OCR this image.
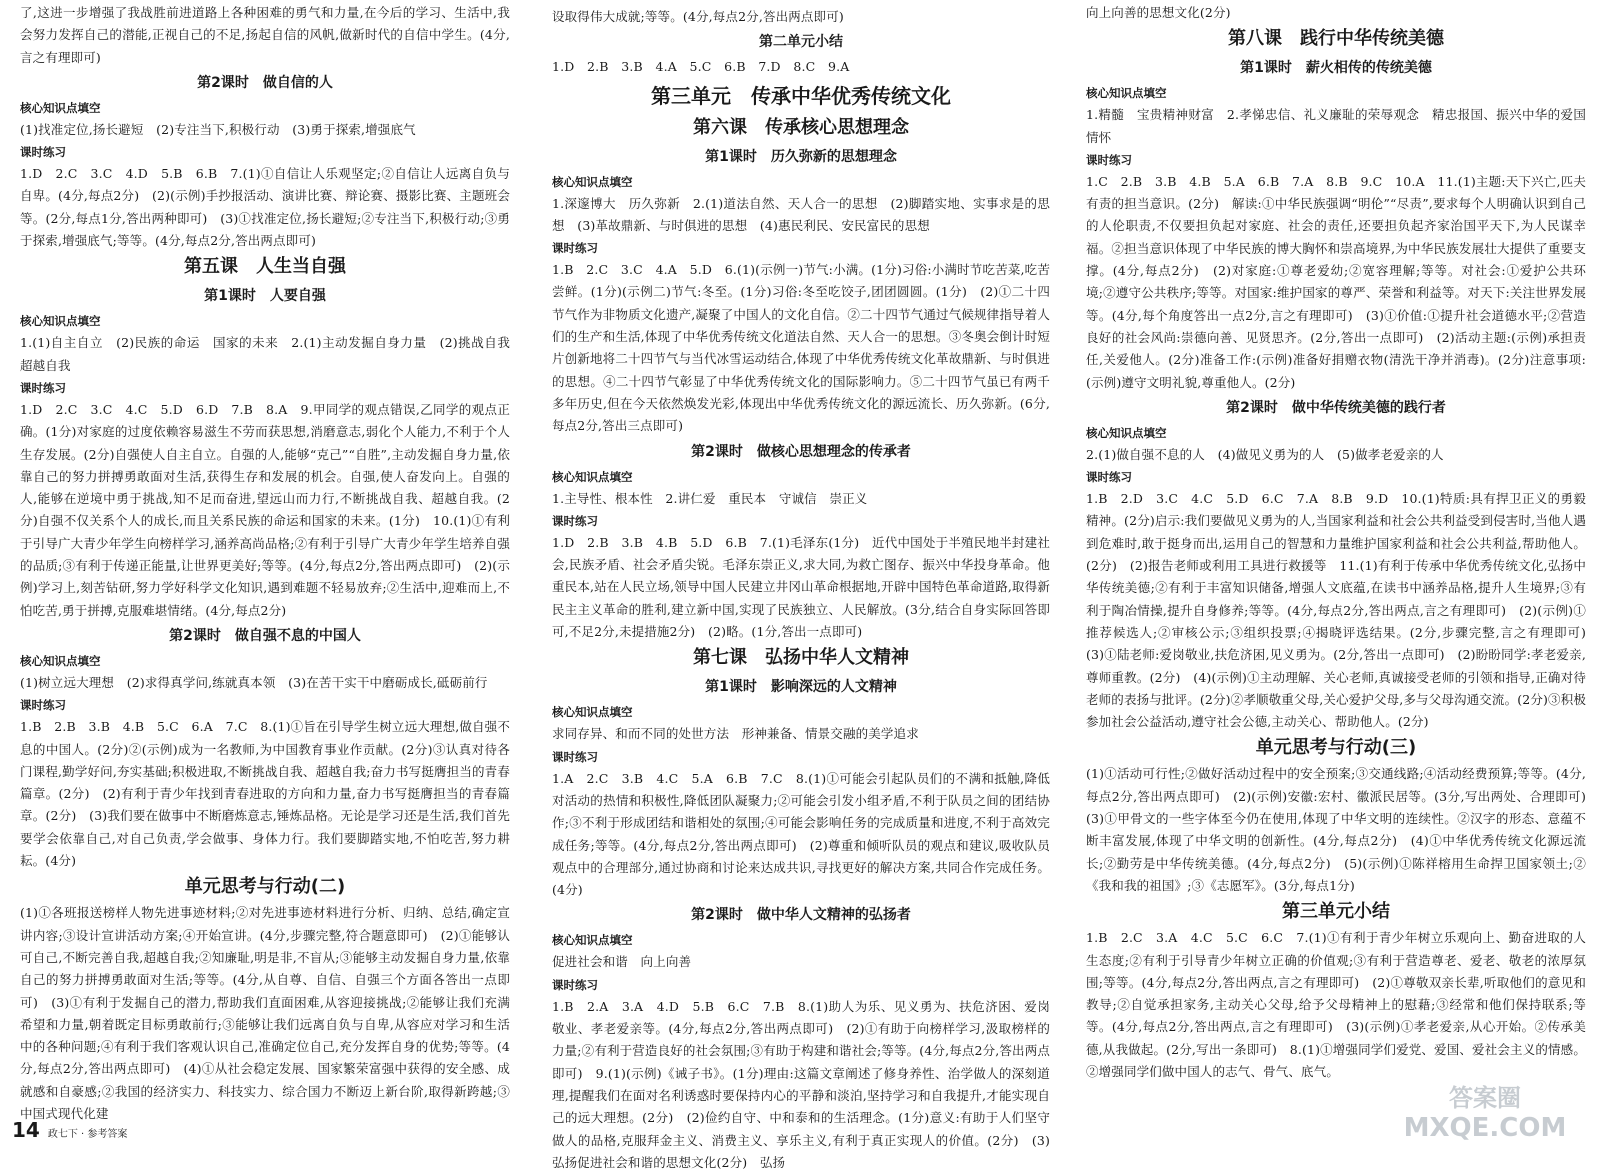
了,这进一步增强了我战胜前进道路上各种困难的勇气和力量,在今后的学习、生活中,我会努力发挥自己的潜能,正视自己的不足,扬起自信的风帆,做新时代的自信中学生。(4分,言之有理即可)

第2课时　做自信的人

核心知识点填空

(1)找准定位,扬长避短　(2)专注当下,积极行动　(3)勇于探索,增强底气

课时练习

1.D　2.C　3.C　4.D　5.B　6.B　7.(1)①自信让人乐观坚定;②自信让人远离自负与自卑。(4分,每点2分)　(2)(示例)手抄报活动、演讲比赛、辩论赛、摄影比赛、主题班会等。(2分,每点1分,答出两种即可)　(3)①找准定位,扬长避短;②专注当下,积极行动;③勇于探索,增强底气;等等。(4分,每点2分,答出两点即可)

第五课　人生当自强

第1课时　人要自强

核心知识点填空

1.(1)自主自立　(2)民族的命运　国家的未来　2.(1)主动发掘自身力量　(2)挑战自我　超越自我

课时练习

1.D　2.C　3.C　4.C　5.D　6.D　7.B　8.A　9.甲同学的观点错误,乙同学的观点正确。(1分)对家庭的过度依赖容易滋生不劳而获思想,消磨意志,弱化个人能力,不利于个人生存发展。(2分)自强使人自主自立。自强的人,能够“克己”“自胜”,主动发掘自身力量,依靠自己的努力拼搏勇敢面对生活,获得生存和发展的机会。自强,使人奋发向上。自强的人,能够在逆境中勇于挑战,知不足而奋进,望远山而力行,不断挑战自我、超越自我。(2分)自强不仅关系个人的成长,而且关系民族的命运和国家的未来。(1分)　10.(1)①有利于引导广大青少年学生向榜样学习,涵养高尚品格;②有利于引导广大青少年学生培养自强的品质;③有利于传递正能量,让世界更美好;等等。(4分,每点2分,答出两点即可)　(2)(示例)学习上,刻苦钻研,努力学好科学文化知识,遇到难题不轻易放弃;②生活中,迎难而上,不怕吃苦,勇于拼搏,克服难堪情绪。(4分,每点2分)

第2课时　做自强不息的中国人

核心知识点填空

(1)树立远大理想　(2)求得真学问,练就真本领　(3)在苦干实干中磨砺成长,砥砺前行

课时练习

1.B　2.B　3.B　4.B　5.C　6.A　7.C　8.(1)①旨在引导学生树立远大理想,做自强不息的中国人。(2分)②(示例)成为一名教师,为中国教育事业作贡献。(2分)③认真对待各门课程,勤学好问,夯实基础;积极进取,不断挑战自我、超越自我;奋力书写挺膺担当的青春篇章。(2分)　(2)有利于青少年找到青春进取的方向和力量,奋力书写挺膺担当的青春篇章。(2分)　(3)我们要在做事中不断磨炼意志,锤炼品格。无论是学习还是生活,我们首先要学会依靠自己,对自己负责,学会做事、身体力行。我们要脚踏实地,不怕吃苦,努力耕耘。(4分)

单元思考与行动(二)

(1)①各班报送榜样人物先进事迹材料;②对先进事迹材料进行分析、归纳、总结,确定宣讲内容;③设计宣讲活动方案;④开始宣讲。(4分,步骤完整,符合题意即可)　(2)①能够认可自己,不断完善自我,超越自我;②知廉耻,明是非,不盲从;③能够主动发掘自身力量,依靠自己的努力拼搏勇敢面对生活;等等。(4分,从自尊、自信、自强三个方面各答出一点即可)　(3)①有利于发掘自己的潜力,帮助我们直面困难,从容迎接挑战;②能够让我们充满希望和力量,朝着既定目标勇敢前行;③能够让我们远离自负与自卑,从容应对学习和生活中的各种问题;④有利于我们客观认识自己,准确定位自己,充分发挥自身的优势;等等。(4分,每点2分,答出两点即可)　(4)①从社会稳定发展、国家繁荣富强中获得的安全感、成就感和自豪感;②我国的经济实力、科技实力、综合国力不断迈上新台阶,取得新跨越;③中国式现代化建

设取得伟大成就;等等。(4分,每点2分,答出两点即可)

第二单元小结

1.D　2.B　3.B　4.A　5.C　6.B　7.D　8.C　9.A

第三单元　传承中华优秀传统文化

第六课　传承核心思想理念

第1课时　历久弥新的思想理念

核心知识点填空

1.深邃博大　历久弥新　2.(1)道法自然、天人合一的思想　(2)脚踏实地、实事求是的思想　(3)革故鼎新、与时俱进的思想　(4)惠民利民、安民富民的思想

课时练习

1.B　2.C　3.C　4.A　5.D　6.(1)(示例一)节气:小满。(1分)习俗:小满时节吃苦菜,吃苦尝鲜。(1分)(示例二)节气:冬至。(1分)习俗:冬至吃饺子,团团圆圆。(1分)　(2)①二十四节气作为非物质文化遗产,凝聚了中国人的文化自信。②二十四节气通过气候规律指导着人们的生产和生活,体现了中华优秀传统文化道法自然、天人合一的思想。③冬奥会倒计时短片创新地将二十四节气与当代冰雪运动结合,体现了中华优秀传统文化革故鼎新、与时俱进的思想。④二十四节气彰显了中华优秀传统文化的国际影响力。⑤二十四节气虽已有两千多年历史,但在今天依然焕发光彩,体现出中华优秀传统文化的源远流长、历久弥新。(6分,每点2分,答出三点即可)

第2课时　做核心思想理念的传承者

核心知识点填空

1.主导性、根本性　2.讲仁爱　重民本　守诚信　崇正义

课时练习

1.D　2.B　3.B　4.B　5.D　6.B　7.(1)毛泽东(1分)　近代中国处于半殖民地半封建社会,民族矛盾、社会矛盾尖锐。毛泽东崇正义,求大同,为救亡图存、振兴中华投身革命。他重民本,站在人民立场,领导中国人民建立井冈山革命根据地,开辟中国特色革命道路,取得新民主主义革命的胜利,建立新中国,实现了民族独立、人民解放。(3分,结合自身实际回答即可,不足2分,未提措施2分)　(2)略。(1分,答出一点即可)

第七课　弘扬中华人文精神

第1课时　影响深远的人文精神

核心知识点填空

求同存异、和而不同的处世方法　形神兼备、情景交融的美学追求

课时练习

1.A　2.C　3.B　4.C　5.A　6.B　7.C　8.(1)①可能会引起队员们的不满和抵触,降低对活动的热情和积极性,降低团队凝聚力;②可能会引发小组矛盾,不利于队员之间的团结协作;③不利于形成团结和谐相处的氛围;④可能会影响任务的完成质量和进度,不利于高效完成任务;等等。(4分,每点2分,答出两点即可)　(2)尊重和倾听队员的观点和建议,吸收队员观点中的合理部分,通过协商和讨论来达成共识,寻找更好的解决方案,共同合作完成任务。(4分)

第2课时　做中华人文精神的弘扬者

核心知识点填空

促进社会和谐　向上向善

课时练习

1.B　2.A　3.A　4.D　5.B　6.C　7.B　8.(1)助人为乐、见义勇为、扶危济困、爱岗敬业、孝老爱亲等。(4分,每点2分,答出两点即可)　(2)①有助于向榜样学习,汲取榜样的力量;②有利于营造良好的社会氛围;③有助于构建和谐社会;等等。(4分,每点2分,答出两点即可)　9.(1)(示例)《诫子书》。(1分)理由:这篇文章阐述了修身养性、治学做人的深刻道理,提醒我们在面对名利诱惑时要保持内心的平静和淡泊,坚持学习和自我提升,才能实现自己的远大理想。(2分)　(2)俭约自守、中和泰和的生活理念。(1分)意义:有助于人们坚守做人的品格,克服拜金主义、消费主义、享乐主义,有利于真正实现人的价值。(2分)　(3)弘扬促进社会和谐的思想文化(2分)　弘扬

向上向善的思想文化(2分)

第八课　践行中华传统美德

第1课时　薪火相传的传统美德

核心知识点填空

1.精髓　宝贵精神财富　2.孝悌忠信、礼义廉耻的荣辱观念　精忠报国、振兴中华的爱国情怀

课时练习

1.C　2.B　3.B　4.B　5.A　6.B　7.A　8.B　9.C　10.A　11.(1)主题:天下兴亡,匹夫有责的担当意识。(2分)　解读:①中华民族强调“明伦”“尽责”,要求每个人明确认识到自己的人伦职责,不仅要担负起对家庭、社会的责任,还要担负起齐家治国平天下,为人民谋幸福。②担当意识体现了中华民族的博大胸怀和崇高境界,为中华民族发展壮大提供了重要支撑。(4分,每点2分)　(2)对家庭:①尊老爱幼;②宽容理解;等等。对社会:①爱护公共环境;②遵守公共秩序;等等。对国家:维护国家的尊严、荣誉和利益等。对天下:关注世界发展等。(4分,每个角度答出一点2分,言之有理即可)　(3)①价值:①提升社会道德水平;②营造良好的社会风尚:崇德向善、见贤思齐。(2分,答出一点即可)　(2)活动主题:(示例)承担责任,关爱他人。(2分)准备工作:(示例)准备好捐赠衣物(清洗干净并消毒)。(2分)注意事项:(示例)遵守文明礼貌,尊重他人。(2分)

第2课时　做中华传统美德的践行者

核心知识点填空

2.(1)做自强不息的人　(4)做见义勇为的人　(5)做孝老爱亲的人

课时练习

1.B　2.D　3.C　4.C　5.D　6.C　7.A　8.B　9.D　10.(1)特质:具有捍卫正义的勇毅精神。(2分)启示:我们要做见义勇为的人,当国家利益和社会公共利益受到侵害时,当他人遇到危难时,敢于挺身而出,运用自己的智慧和力量维护国家利益和社会公共利益,帮助他人。(2分)　(2)报告老师或利用工具进行救援等　11.(1)有利于传承中华优秀传统文化,弘扬中华传统美德;②有利于丰富知识储备,增强人文底蕴,在读书中涵养品格,提升人生境界;③有利于陶冶情操,提升自身修养;等等。(4分,每点2分,答出两点,言之有理即可)　(2)(示例)①推荐候选人;②审核公示;③组织投票;④揭晓评选结果。(2分,步骤完整,言之有理即可)　(3)①陆老师:爱岗敬业,扶危济困,见义勇为。(2分,答出一点即可)　(2)盼盼同学:孝老爱亲,尊师重教。(2分)　(4)(示例)①主动理解、关心老师,真诚接受老师的引领和指导,正确对待老师的表扬与批评。(2分)②孝顺敬重父母,关心爱护父母,多与父母沟通交流。(2分)③积极参加社会公益活动,遵守社会公德,主动关心、帮助他人。(2分)

单元思考与行动(三)

(1)①活动可行性;②做好活动过程中的安全预案;③交通线路;④活动经费预算;等等。(4分,每点2分,答出两点即可)　(2)(示例)安徽:宏村、徽派民居等。(3分,写出两处、合理即可)　(3)①甲骨文的一些字体至今仍在使用,体现了中华文明的连续性。②汉字的形态、意蕴不断丰富发展,体现了中华文明的创新性。(4分,每点2分)　(4)①中华优秀传统文化源远流长;②勤劳是中华传统美德。(4分,每点2分)　(5)(示例)①陈祥榕用生命捍卫国家领土;②《我和我的祖国》;③《志愿军》。(3分,每点1分)

第三单元小结

1.B　2.C　3.A　4.C　5.C　6.C　7.(1)①有利于青少年树立乐观向上、勤奋进取的人生态度;②有利于引导青少年树立正确的价值观;③有利于营造尊老、爱老、敬老的浓厚氛围;等等。(4分,每点2分,答出两点,言之有理即可)　(2)①尊敬双亲长辈,听取他们的意见和教导;②自觉承担家务,主动关心父母,给予父母精神上的慰藉;③经常和他们保持联系;等等。(4分,每点2分,答出两点,言之有理即可)　(3)(示例)①孝老爱亲,从心开始。②传承美德,从我做起。(2分,写出一条即可)　8.(1)①增强同学们爱党、爱国、爱社会主义的情感。②增强同学们做中国人的志气、骨气、底气。

14 政七下 · 参考答案
答案圈
MXQE.COM
